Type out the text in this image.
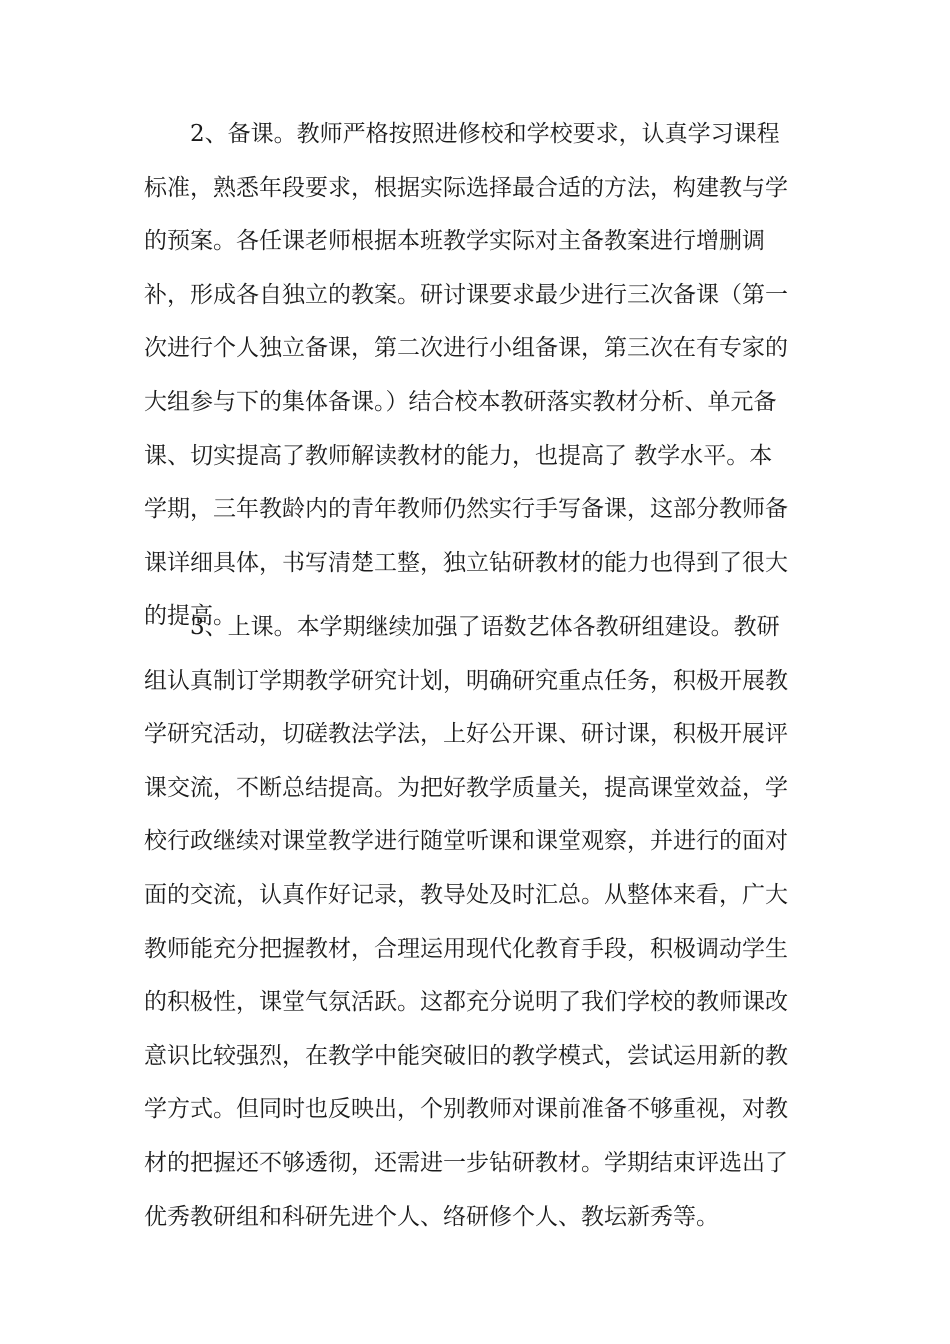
2、备课。教师严格按照进修校和学校要求，认真学习课程
标准，熟悉年段要求，根据实际选择最合适的方法，构建教与学
的预案。各任课老师根据本班教学实际对主备教案进行增删调
补，形成各自独立的教案。研讨课要求最少进行三次备课（第一
次进行个人独立备课，第二次进行小组备课，第三次在有专家的
大组参与下的集体备课。）结合校本教研落实教材分析、单元备
课、切实提高了教师解读教材的能力，也提高了 教学水平。本
学期，三年教龄内的青年教师仍然实行手写备课，这部分教师备
课详细具体，书写清楚工整，独立钻研教材的能力也得到了很大
的提高。
3、上课。本学期继续加强了语数艺体各教研组建设。教研
组认真制订学期教学研究计划，明确研究重点任务，积极开展教
学研究活动，切磋教法学法，上好公开课、研讨课，积极开展评
课交流，不断总结提高。为把好教学质量关，提高课堂效益，学
校行政继续对课堂教学进行随堂听课和课堂观察，并进行的面对
面的交流，认真作好记录，教导处及时汇总。从整体来看，广大
教师能充分把握教材，合理运用现代化教育手段，积极调动学生
的积极性，课堂气氛活跃。这都充分说明了我们学校的教师课改
意识比较强烈，在教学中能突破旧的教学模式，尝试运用新的教
学方式。但同时也反映出，个别教师对课前准备不够重视，对教
材的把握还不够透彻，还需进一步钻研教材。学期结束评选出了
优秀教研组和科研先进个人、络研修个人、教坛新秀等。
